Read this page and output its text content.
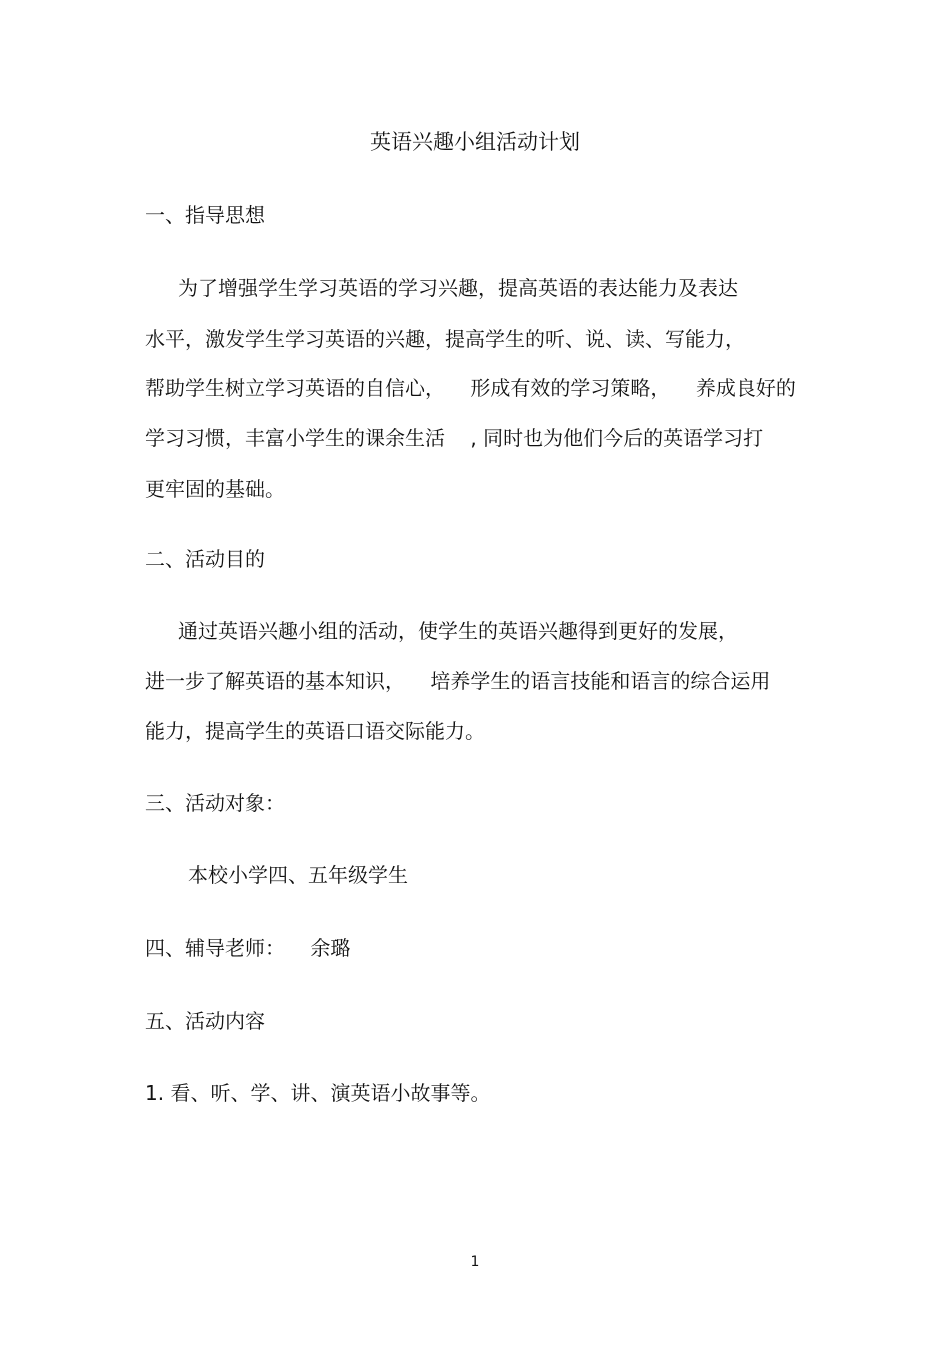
英语兴趣小组活动计划
一、指导思想
为了增强学生学习英语的学习兴趣，提高英语的表达能力及表达
水平，激发学生学习英语的兴趣，提高学生的听、说、读、写能力，
帮助学生树立学习英语的自信心，    形成有效的学习策略，    养成良好的
学习习惯，丰富小学生的课余生活    , 同时也为他们今后的英语学习打
更牢固的基础。
二、活动目的
通过英语兴趣小组的活动，使学生的英语兴趣得到更好的发展，
进一步了解英语的基本知识，    培养学生的语言技能和语言的综合运用
能力，提高学生的英语口语交际能力。
三、活动对象：
本校小学四、五年级学生
四、辅导老师：    余璐
五、活动内容
1. 看、听、学、讲、演英语小故事等。
1
